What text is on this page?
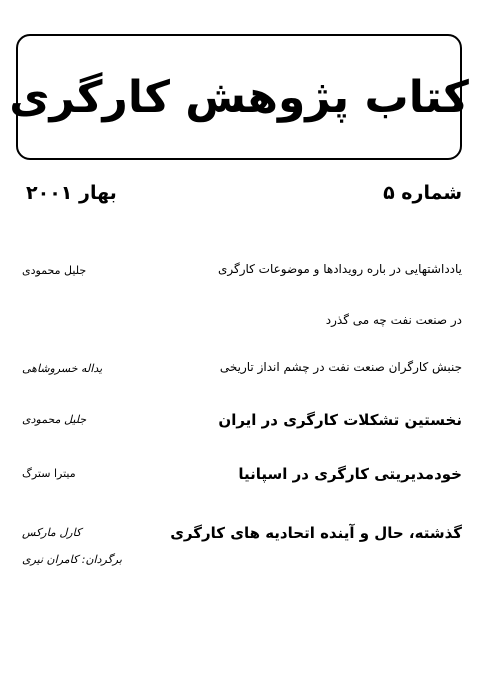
کتاب پژوهش کارگری
شماره ۵
بهار ۲۰۰۱
یادداشتهایی در باره رویدادها و موضوعات کارگری
در صنعت نفت چه می گذرد
جلیل محمودی
جنبش کارگران صنعت نفت در چشم انداز تاریخی
یداله خسروشاهی
نخستین تشکلات کارگری در ایران
جلیل محمودی
خودمدیریتی کارگری در اسپانیا
میترا سترگ
گذشته، حال و آینده اتحادیه های کارگری
کارل مارکس
برگردان: کامران نیری
